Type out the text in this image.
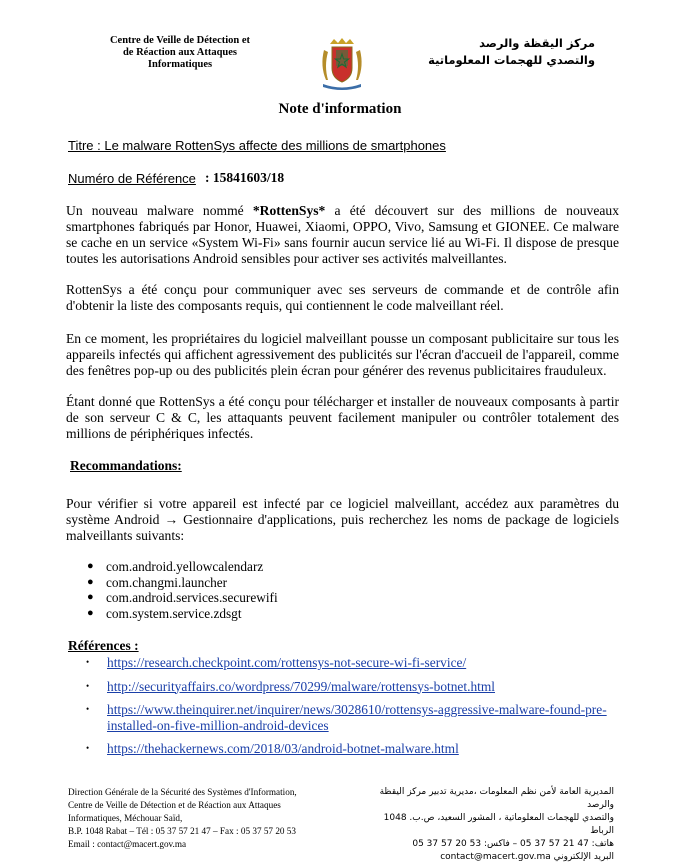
Centre de Veille de Détection et
de Réaction aux Attaques
Informatiques
مركز اليقظة والرصد
والتصدي للهجمات المعلوماتية
Note d'information
Titre : Le malware RottenSys affecte des millions de smartphones
Numéro de Référence : 15841603/18
Un nouveau malware nommé *RottenSys* a été découvert sur des millions de nouveaux smartphones fabriqués par Honor, Huawei, Xiaomi, OPPO, Vivo, Samsung et GIONEE. Ce malware se cache en un service «System Wi-Fi» sans fournir aucun service lié au Wi-Fi. Il dispose de presque toutes les autorisations Android sensibles pour activer ses activités malveillantes.
RottenSys a été conçu pour communiquer avec ses serveurs de commande et de contrôle afin d'obtenir la liste des composants requis, qui contiennent le code malveillant réel.
En ce moment, les propriétaires du logiciel malveillant pousse un composant publicitaire sur tous les appareils infectés qui affichent agressivement des publicités sur l'écran d'accueil de l'appareil, comme des fenêtres pop-up ou des publicités plein écran pour générer des revenus publicitaires frauduleux.
Étant donné que RottenSys a été conçu pour télécharger et installer de nouveaux composants à partir de son serveur C & C, les attaquants peuvent facilement manipuler ou contrôler totalement des millions de périphériques infectés.
Recommandations:
Pour vérifier si votre appareil est infecté par ce logiciel malveillant, accédez aux paramètres du système Android → Gestionnaire d'applications, puis recherchez les noms de package de logiciels malveillants suivants:
● com.android.yellowcalendarz
● com.changmi.launcher
● com.android.services.securewifi
● com.system.service.zdsgt
Références :
• https://research.checkpoint.com/rottensys-not-secure-wi-fi-service/
• http://securityaffairs.co/wordpress/70299/malware/rottensys-botnet.html
• https://www.theinquirer.net/inquirer/news/3028610/rottensys-aggressive-malware-found-pre-installed-on-five-million-android-devices
• https://thehackernews.com/2018/03/android-botnet-malware.html
Direction Générale de la Sécurité des Systèmes d'Information,
Centre de Veille de Détection et de Réaction aux Attaques
Informatiques, Méchouar Saïd,
B.P. 1048 Rabat – Tél : 05 37 57 21 47 – Fax : 05 37 57 20 53
Email : contact@macert.gov.ma
المديرية العامة لأمن نظم المعلومات ،مديرية تدبير مركز اليقظة والرصد
والتصدي للهجمات المعلوماتية ، المشور السعيد، ص.ب. 1048 الرباط
هاتف: 47 21 57 37 05 – فاكس: 53 20 57 37 05
البريد الإلكتروني contact@macert.gov.ma
